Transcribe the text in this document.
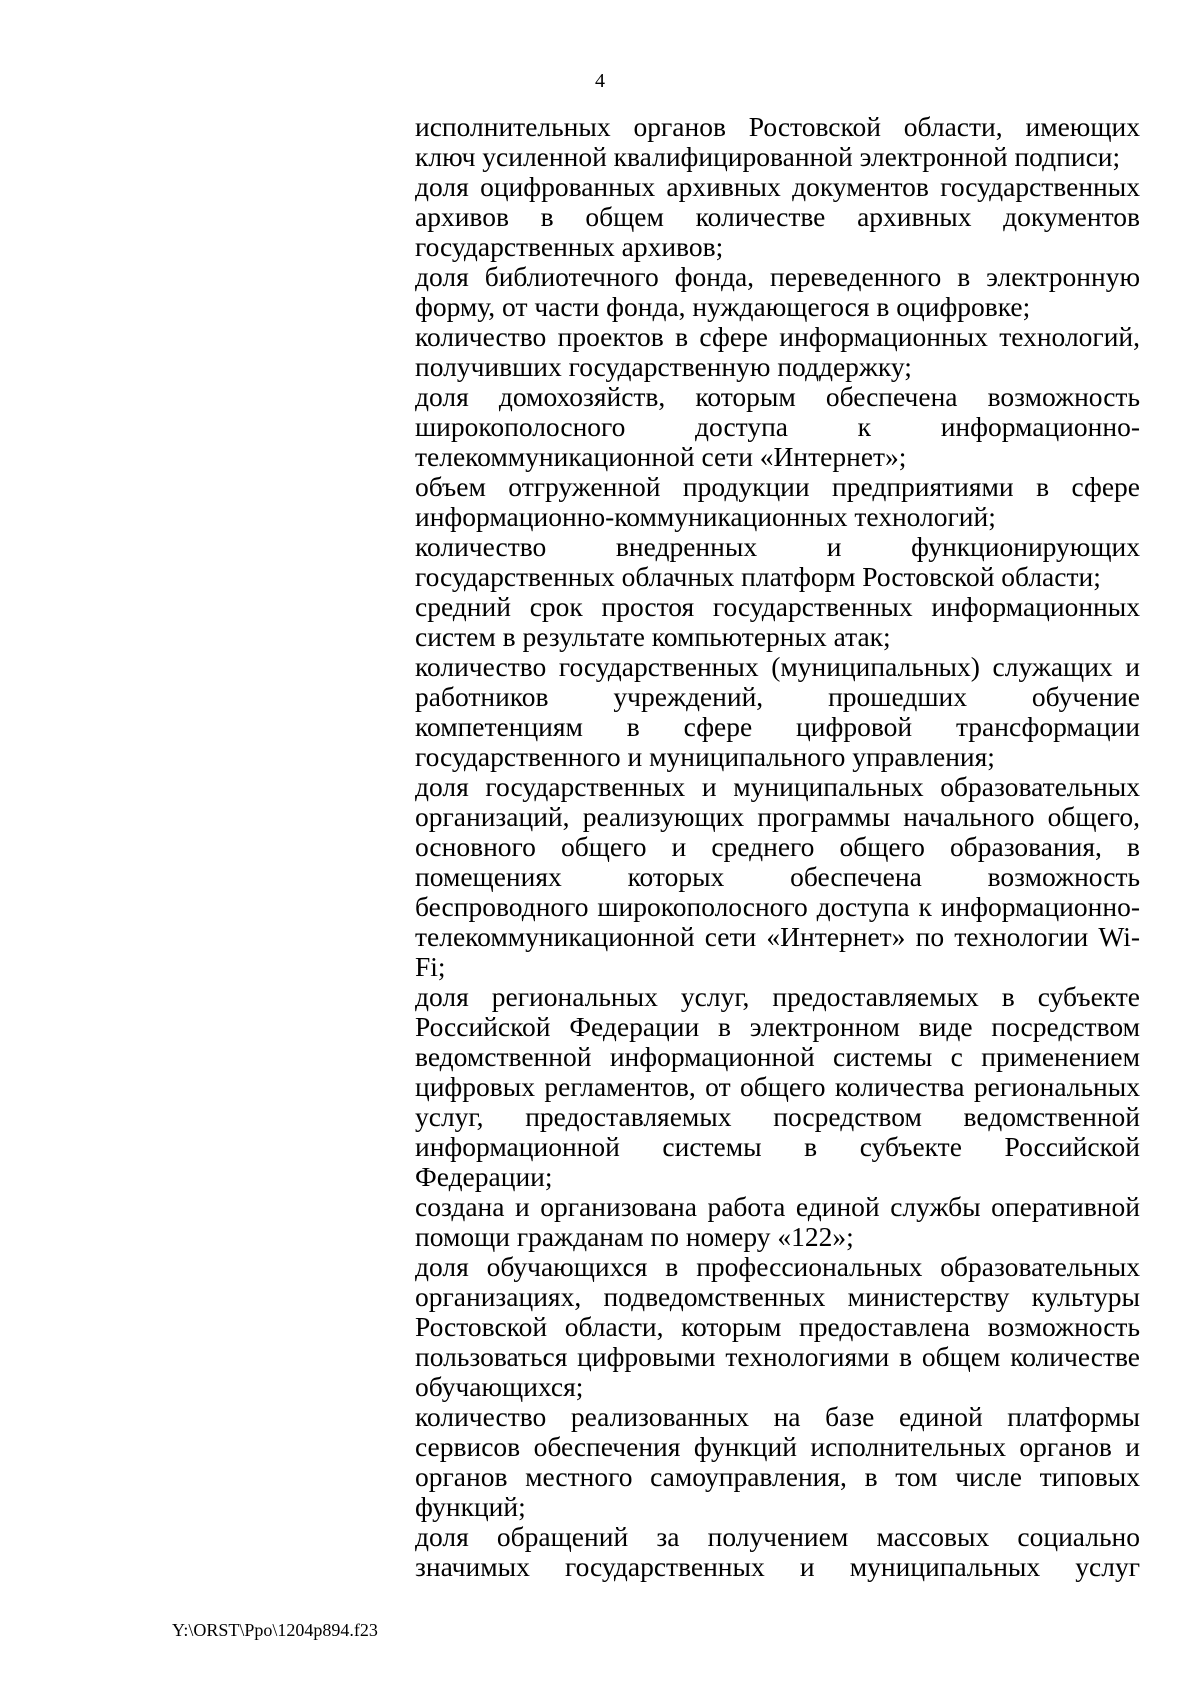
4

исполнительных органов Ростовской области, имеющих ключ усиленной квалифицированной электронной подписи;

доля оцифрованных архивных документов государственных архивов в общем количестве архивных документов государственных архивов;

доля библиотечного фонда, переведенного в электронную форму, от части фонда, нуждающегося в оцифровке;

количество проектов в сфере информационных технологий, получивших государственную поддержку;

доля домохозяйств, которым обеспечена возможность широкополосного доступа к информационно-телекоммуникационной сети «Интернет»;

объем отгруженной продукции предприятиями в сфере информационно-коммуникационных технологий;

количество внедренных и функционирующих государственных облачных платформ Ростовской области;

средний срок простоя государственных информационных систем в результате компьютерных атак;

количество государственных (муниципальных) служащих и работников учреждений, прошедших обучение компетенциям в сфере цифровой трансформации государственного и муниципального управления;

доля государственных и муниципальных образовательных организаций, реализующих программы начального общего, основного общего и среднего общего образования, в помещениях которых обеспечена возможность беспроводного широкополосного доступа к информационно-телекоммуникационной сети «Интернет» по технологии Wi-Fi;

доля региональных услуг, предоставляемых в субъекте Российской Федерации в электронном виде посредством ведомственной информационной системы с применением цифровых регламентов, от общего количества региональных услуг, предоставляемых посредством ведомственной информационной системы в субъекте Российской Федерации;

создана и организована работа единой службы оперативной помощи гражданам по номеру «122»;

доля обучающихся в профессиональных образовательных организациях, подведомственных министерству культуры Ростовской области, которым предоставлена возможность пользоваться цифровыми технологиями в общем количестве обучающихся;

количество реализованных на базе единой платформы сервисов обеспечения функций исполнительных органов и органов местного самоуправления, в том числе типовых функций;

доля обращений за получением массовых социально значимых государственных и муниципальных услуг

Y:\ORST\Ppo\1204p894.f23
